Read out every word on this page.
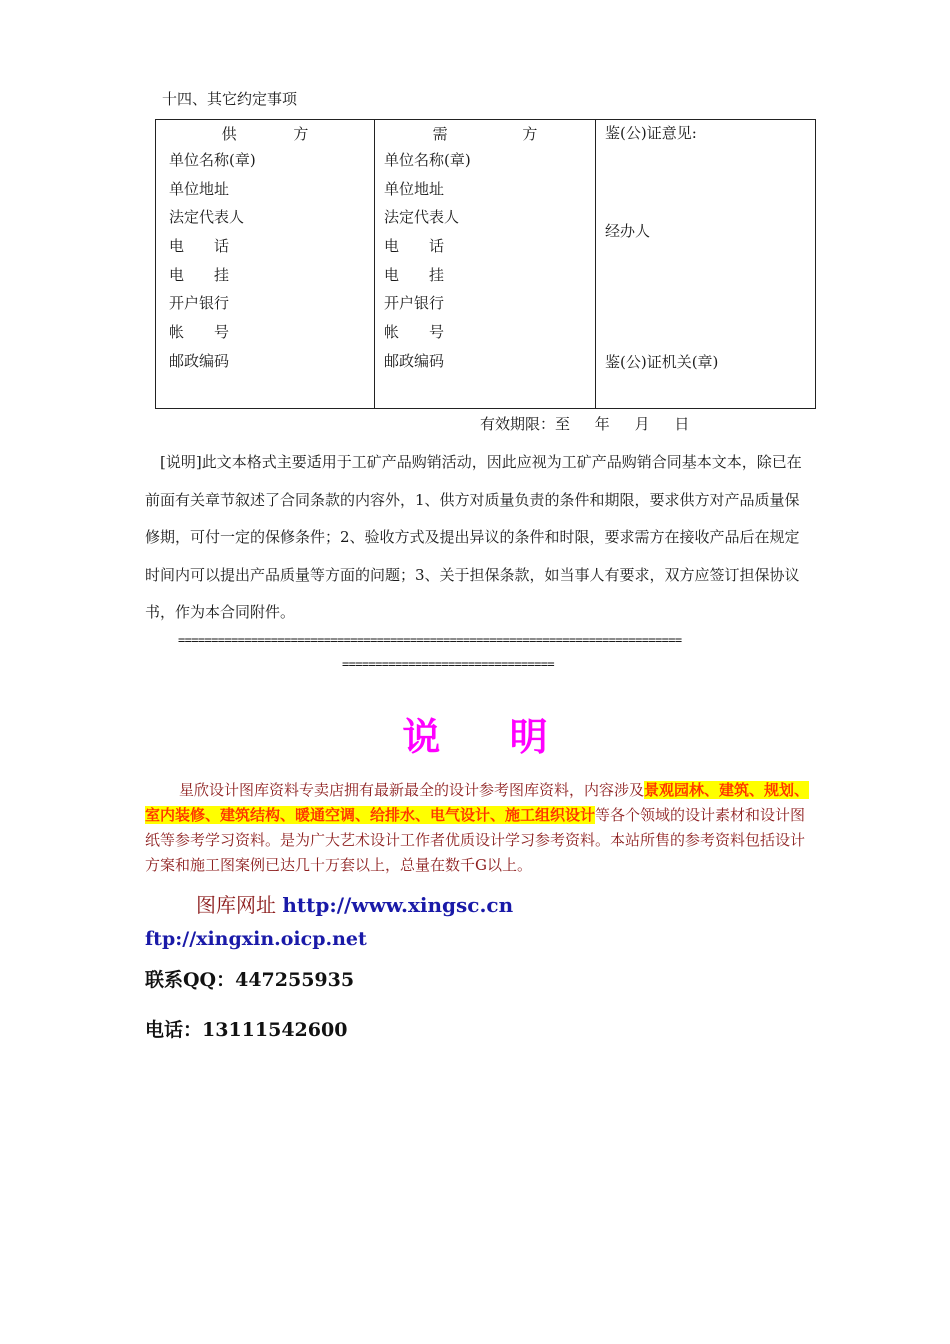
十四、其它约定事项
供	方
单位名称(章)
单位地址
法定代表人
电　　话
电　　挂
开户银行
帐　　号
邮政编码

需	方
单位名称(章)
单位地址
法定代表人
电　　话
电　　挂
开户银行
帐　　号
邮政编码

鉴(公)证意见:
经办人
鉴(公)证机关(章)
有效期限：至 年 月 日

[说明]此文本格式主要适用于工矿产品购销活动，因此应视为工矿产品购销合同基本文本，除已在前面有关章节叙述了合同条款的内容外，1、供方对质量负责的条件和期限，要求供方对产品质量保修期，可付一定的保修条件；2、验收方式及提出异议的条件和时限，要求需方在接收产品后在规定时间内可以提出产品质量等方面的问题；3、关于担保条款，如当事人有要求，双方应签订担保协议书，作为本合同附件。

============================================================================
================================
说 明
星欣设计图库资料专卖店拥有最新最全的设计参考图库资料，内容涉及景观园林、建筑、规划、室内装修、建筑结构、暖通空调、给排水、电气设计、施工组织设计等各个领域的设计素材和设计图纸等参考学习资料。是为广大艺术设计工作者优质设计学习参考资料。本站所售的参考资料包括设计方案和施工图案例已达几十万套以上，总量在数千G以上。
图库网址 http://www.xingsc.cn
ftp://xingxin.oicp.net
联系QQ：447255935
电话：13111542600
